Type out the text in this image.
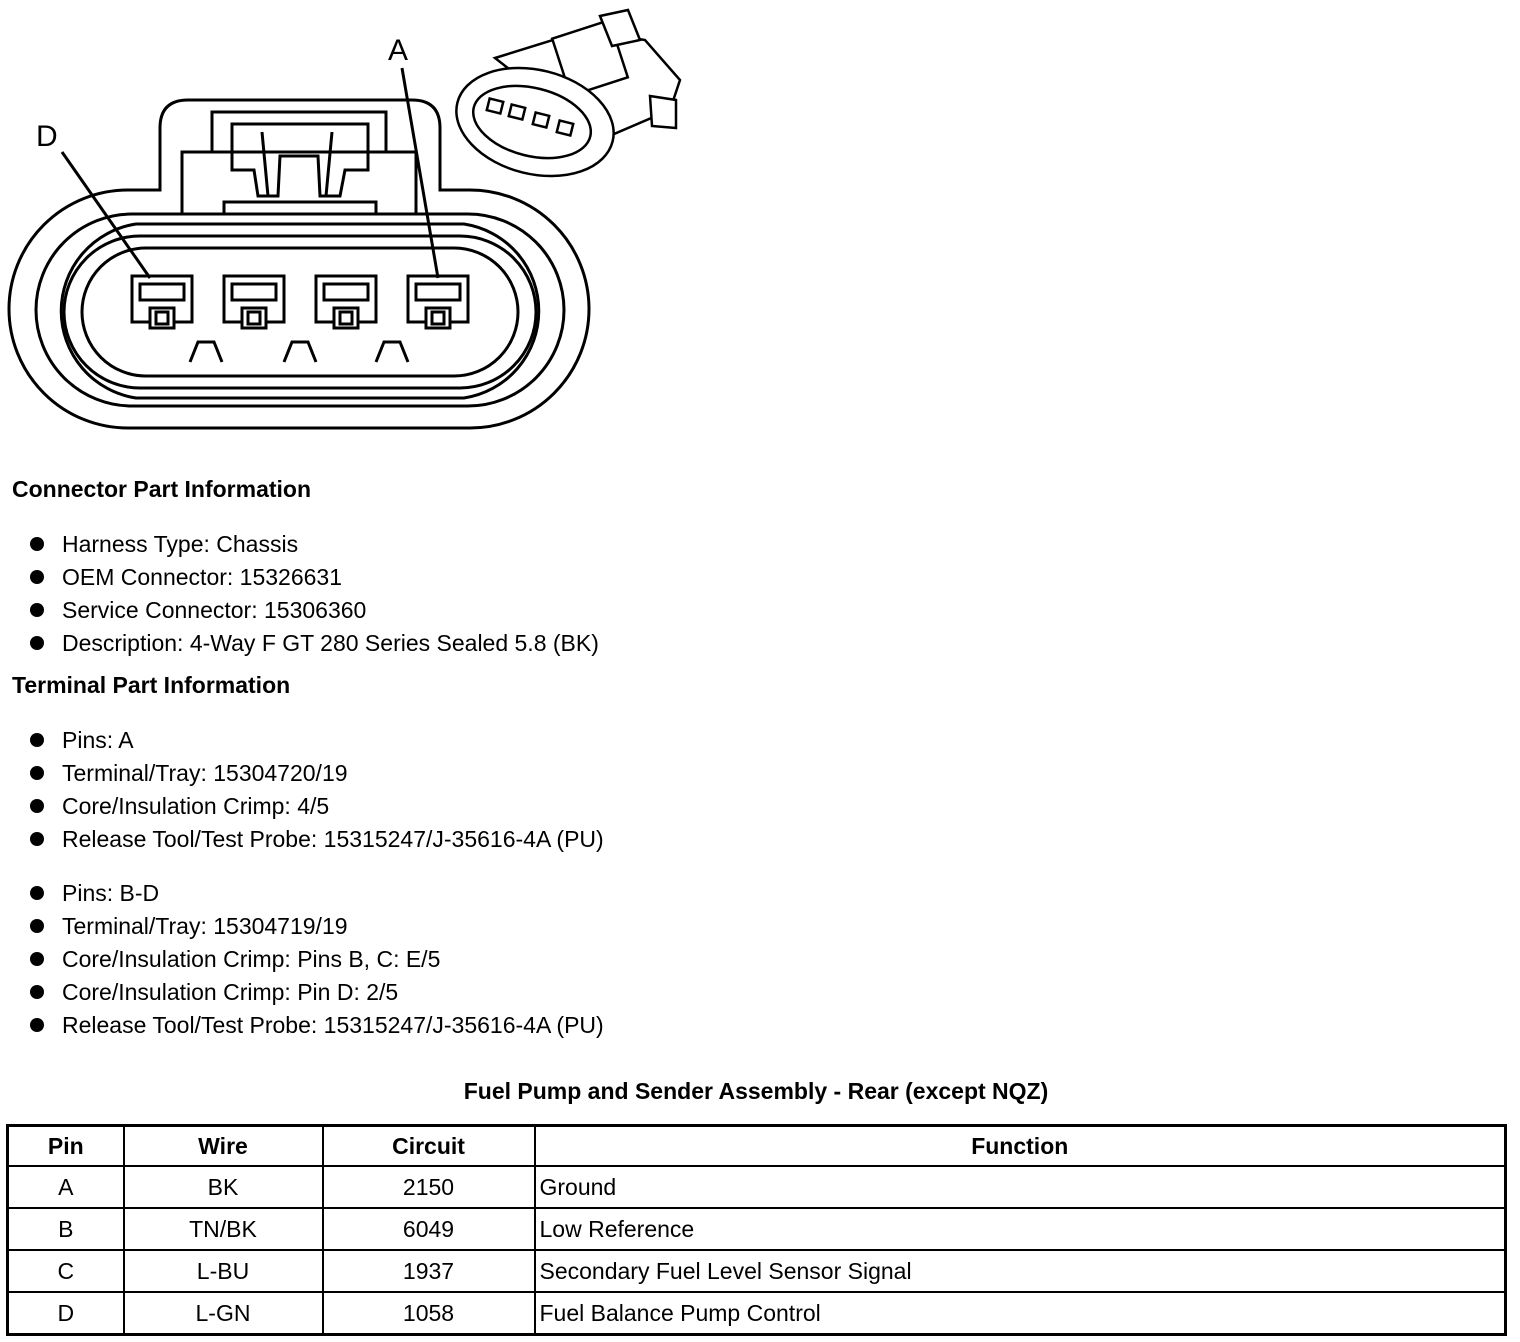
A
D
Connector Part Information
Harness Type: Chassis
OEM Connector: 15326631
Service Connector: 15306360
Description: 4-Way F GT 280 Series Sealed 5.8 (BK)
Terminal Part Information
Pins: A
Terminal/Tray: 15304720/19
Core/Insulation Crimp: 4/5
Release Tool/Test Probe: 15315247/J-35616-4A (PU)
Pins: B-D
Terminal/Tray: 15304719/19
Core/Insulation Crimp: Pins B, C: E/5
Core/Insulation Crimp: Pin D: 2/5
Release Tool/Test Probe: 15315247/J-35616-4A (PU)
Fuel Pump and Sender Assembly - Rear (except NQZ)
Pin	Wire	Circuit	Function
A	BK	2150	Ground
B	TN/BK	6049	Low Reference
C	L-BU	1937	Secondary Fuel Level Sensor Signal
D	L-GN	1058	Fuel Balance Pump Control
